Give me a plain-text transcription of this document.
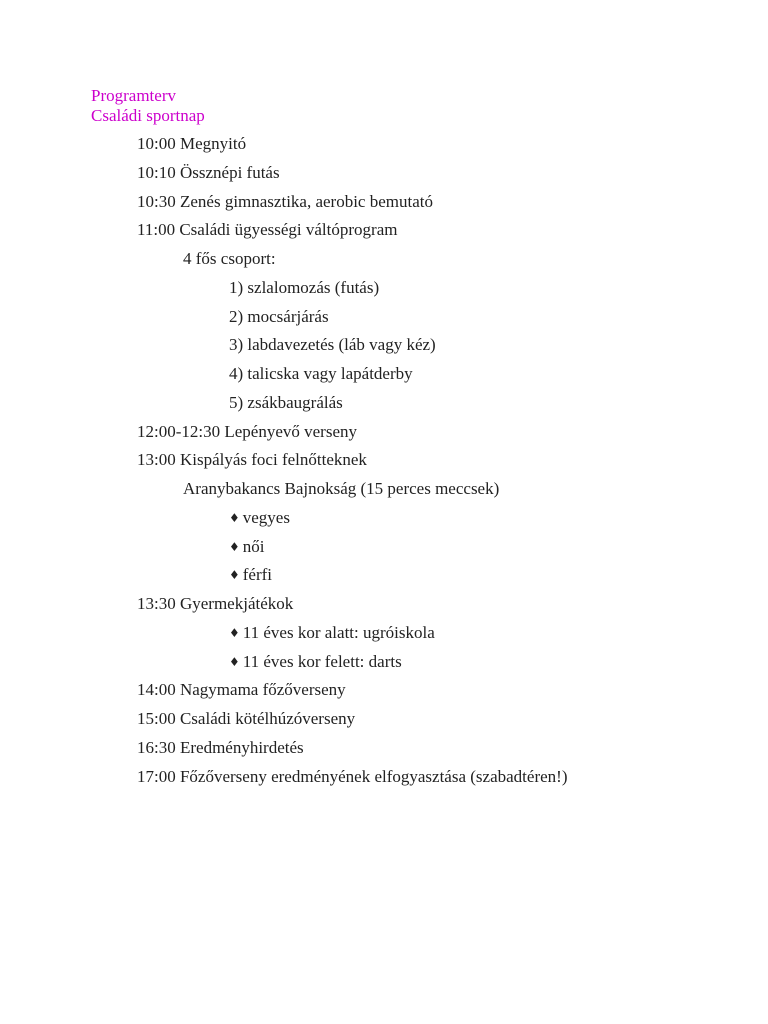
Programterv
Családi sportnap
10:00 Megnyitó
10:10 Össznépi futás
10:30 Zenés gimnasztika, aerobic bemutató
11:00 Családi ügyességi váltóprogram
4 fős csoport:
1) szlalomozás (futás)
2) mocsárjárás
3) labdavezetés (láb vagy kéz)
4) talicska vagy lapátderby
5) zsákbaugrálás
12:00-12:30 Lepényevő verseny
13:00 Kispályás foci felnőtteknek
Aranybakancs Bajnokság (15 perces meccsek)
♦ vegyes
♦ női
♦ férfi
13:30 Gyermekjátékok
♦ 11 éves kor alatt: ugróiskola
♦ 11 éves kor felett: darts
14:00 Nagymama főzőverseny
15:00 Családi kötélhúzóverseny
16:30 Eredményhirdetés
17:00 Főzőverseny eredményének elfogyasztása (szabadtéren!)
